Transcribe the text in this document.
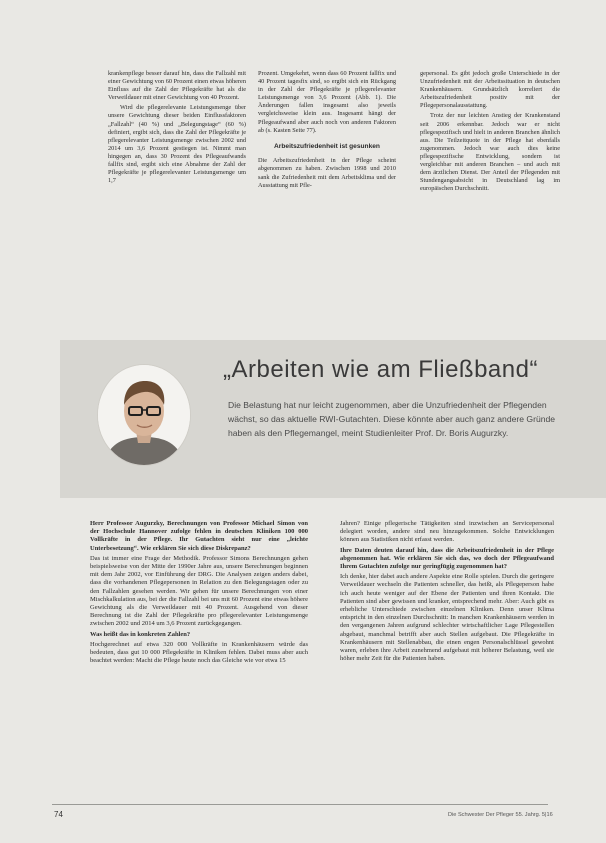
krankenpflege besser darauf hin, dass die Fallzahl mit einer Gewichtung von 60 Prozent einen etwas höheren Einfluss auf die Zahl der Pflegekräfte hat als die Verweildauer mit einer Gewichtung von 40 Prozent.

Wird die pflegerelevante Leistungsmenge über unsere Gewichtung dieser beiden Einflussfaktoren „Fallzahl“ (40 %) und „Belegungstage“ (60 %) definiert, ergibt sich, dass die Zahl der Pflegekräfte je pflegerelevanter Leistungsmenge zwischen 2002 und 2014 um 3,6 Prozent gestiegen ist. Nimmt man hingegen an, dass 30 Prozent des Pflegeaufwands fallfix sind, ergibt sich eine Abnahme der Zahl der Pflegekräfte je pflegerelevanter Leistungsmenge um 1,7

Prozent. Umgekehrt, wenn dass 60 Prozent fallfix und 40 Prozent tagesfix sind, so ergibt sich ein Rückgang in der Zahl der Pflegekräfte je pflegerelevanter Leistungsmenge von 3,6 Prozent (Abb. 1). Die Änderungen fallen insgesamt also jeweils vergleichsweise klein aus. Insgesamt hängt der Pflegeaufwand aber auch noch von anderen Faktoren ab (s. Kasten Seite 77).

Arbeitszufriedenheit ist gesunken

Die Arbeitszufriedenheit in der Pflege scheint abgenommen zu haben. Zwischen 1998 und 2010 sank die Zufriedenheit mit dem Arbeitsklima und der Ausstattung mit Pfle-

gepersonal. Es gibt jedoch große Unterschiede in der Unzufriedenheit mit der Arbeitssituation in deutschen Krankenhäusern. Grundsätzlich korreliert die Arbeitszufriedenheit positiv mit der Pflegepersonalausstattung.

Trotz der nur leichten Anstieg der Krankenstand seit 2006 erkennbar. Jedoch war er nicht pflegespezifisch und hielt in anderen Branchen ähnlich aus. Die Teilzeitquote in der Pflege hat ebenfalls zugenommen. Jedoch war auch dies keine pflegespezifische Entwicklung, sondern ist vergleichbar mit anderen Branchen – und auch mit dem ärztlichen Dienst. Der Anteil der Pflegenden mit Stundengangsabsicht in Deutschland lag im europäischen Durchschnitt.

„Arbeiten wie am Fließband“
Die Belastung hat nur leicht zugenommen, aber die Unzufriedenheit der Pflegenden wächst, so das aktuelle RWI-Gutachten. Diese könnte aber auch ganz andere Gründe haben als den Pflegemangel, meint Studienleiter Prof. Dr. Boris Augurzky.

Herr Professor Augurzky, Berechnungen von Professor Michael Simon von der Hochschule Hannover zufolge fehlen in deutschen Kliniken 100 000 Vollkräfte in der Pflege. Ihr Gutachten sieht nur eine „leichte Unterbesetzung“. Wie erklären Sie sich diese Diskrepanz?

Das ist immer eine Frage der Methodik. Professor Simons Berechnungen gehen beispielsweise von der Mitte der 1990er Jahre aus, unsere Berechnungen beginnen mit dem Jahr 2002, vor Einführung der DRG. Die Analysen zeigen anders dabei, dass die vorhandenen Pflegepersonen in Relation zu den Belegungstagen oder zu den Fallzahlen gesehen werden. Wir gehen für unsere Berechnungen von einer Mischkalkulation aus, bei der die Fallzahl bei uns mit 60 Prozent eine etwas höhere Gewichtung als die Verweildauer mit 40 Prozent. Ausgehend von dieser Berechnung ist die Zahl der Pflegekräfte pro pflegerelevanter Leistungsmenge zwischen 2002 und 2014 um 3,6 Prozent zurückgegangen.

Was heißt das in konkreten Zahlen?

Hochgerechnet auf etwa 320 000 Vollkräfte in Krankenhäusern würde das bedeuten, dass gut 10 000 Pflegekräfte in Kliniken fehlen. Dabei muss aber auch beachtet werden: Macht die Pflege heute noch das Gleiche wie vor etwa 15

Jahren? Einige pflegerische Tätigkeiten sind inzwischen an Servicepersonal delegiert worden, andere sind neu hinzugekommen. Solche Entwicklungen können aus Statistiken nicht erfasst werden.

Ihre Daten deuten darauf hin, dass die Arbeitszufriedenheit in der Pflege abgenommen hat. Wie erklären Sie sich das, wo doch der Pflegeaufwand Ihrem Gutachten zufolge nur geringfügig zugenommen hat?

Ich denke, hier dabei auch andere Aspekte eine Rolle spielen. Durch die geringere Verweildauer wechseln die Patienten schneller, das heißt, als Pflegeperson habe ich auch heute weniger auf der Ebene der Patienten und ihren Kontakt. Die Patienten sind aber gewissen und kranker, entsprechend mehr. Aber: Auch gibt es erhebliche Unterschiede zwischen einzelnen Kliniken. Denn unser Klima entspricht in den einzelnen Durchschnitt: In manchen Krankenhäusern werden in den vergangenen Jahren aufgrund schlechter wirtschaftlicher Lage Pflegestellen abgebaut, manchmal betrifft aber auch Stellen aufgebaut. Die Pflegekräfte in Krankenhäusern mit Stellenabbau, die einen engen Personalschlüssel gewohnt waren, erleben ihre Arbeit zunehmend aufgebaut mit höherer Belastung, weil sie höher mehr Zeit für die Patienten haben.

74	Die Schwester Der Pfleger 55. Jahrg. 5|16
